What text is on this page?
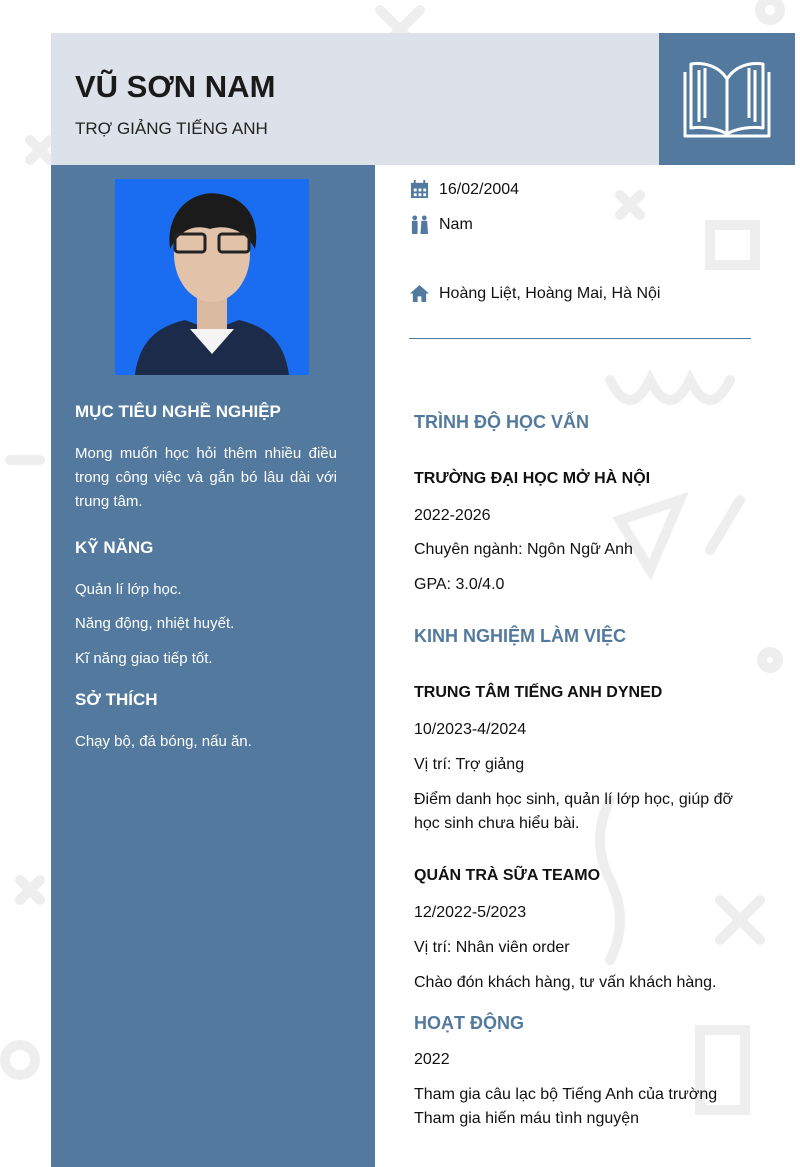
VŨ SƠN NAM
TRỢ GIẢNG TIẾNG ANH
MỤC TIÊU NGHỀ NGHIỆP

Mong muốn học hỏi thêm nhiều điều trong công việc và gắn bó lâu dài với trung tâm.

KỸ NĂNG

Quản lí lớp học.

Năng động, nhiệt huyết.

Kĩ năng giao tiếp tốt.

SỞ THÍCH

Chạy bộ, đá bóng, nấu ăn.

16/02/2004
Nam
Hoàng Liệt, Hoàng Mai, Hà Nội
TRÌNH ĐỘ HỌC VẤN
TRƯỜNG ĐẠI HỌC MỞ HÀ NỘI
2022-2026
Chuyên ngành: Ngôn Ngữ Anh
GPA: 3.0/4.0
KINH NGHIỆM LÀM VIỆC
TRUNG TÂM TIẾNG ANH DYNED
10/2023-4/2024
Vị trí: Trợ giảng
Điểm danh học sinh, quản lí lớp học, giúp đỡ học sinh chưa hiểu bài.
QUÁN TRÀ SỮA TEAMO
12/2022-5/2023
Vị trí: Nhân viên order
Chào đón khách hàng, tư vấn khách hàng.
HOẠT ĐỘNG
2022
Tham gia câu lạc bộ Tiếng Anh của trường
Tham gia hiến máu tình nguyện
